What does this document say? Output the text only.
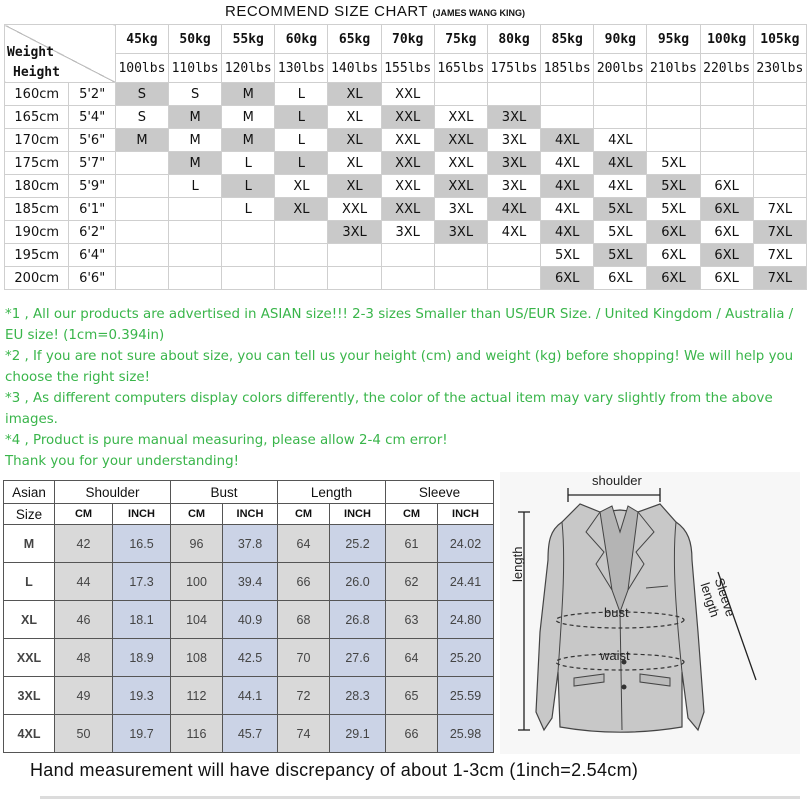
RECOMMEND SIZE CHART (JAMES WANG KING)
Weight
Height		45kg	50kg	55kg	60kg	65kg	70kg	75kg	80kg	85kg	90kg	95kg	100kg	105kg
		100lbs	110lbs	120lbs	130lbs	140lbs	155lbs	165lbs	175lbs	185lbs	200lbs	210lbs	220lbs	230lbs
160cm	5'2"	S	S	M	L	XL	XXL							
165cm	5'4"	S	M	M	L	XL	XXL	XXL	3XL					
170cm	5'6"	M	M	M	L	XL	XXL	XXL	3XL	4XL	4XL			
175cm	5'7"		M	L	L	XL	XXL	XXL	3XL	4XL	4XL	5XL		
180cm	5'9"		L	L	XL	XL	XXL	XXL	3XL	4XL	4XL	5XL	6XL	
185cm	6'1"			L	XL	XXL	XXL	3XL	4XL	4XL	5XL	5XL	6XL	7XL
190cm	6'2"					3XL	3XL	3XL	4XL	4XL	5XL	6XL	6XL	7XL
195cm	6'4"									5XL	5XL	6XL	6XL	7XL
200cm	6'6"									6XL	6XL	6XL	6XL	7XL

*1 , All our products are advertised in ASIAN size!!! 2-3 sizes Smaller than US/EUR Size. / United Kingdom / Australia / EU size! (1cm=0.394in)

*2 , If you are not sure about size, you can tell us your height (cm) and weight (kg) before shopping! We will help you choose the right size!

*3 , As different computers display colors differently, the color of the actual item may vary slightly from the above images.

*4 , Product is pure manual measuring, please allow 2-4 cm error!

Thank you for your understanding!

Asian	Shoulder		Bust		Length		Sleeve	
Size	CM	INCH	CM	INCH	CM	INCH	CM	INCH
M	42	16.5	96	37.8	64	25.2	61	24.02
L	44	17.3	100	39.4	66	26.0	62	24.41
XL	46	18.1	104	40.9	68	26.8	63	24.80
XXL	48	18.9	108	42.5	70	27.6	64	25.20
3XL	49	19.3	112	44.1	72	28.3	65	25.59
4XL	50	19.7	116	45.7	74	29.1	66	25.98
shoulder
length
bust
waist
Sleeve length
Hand measurement will have discrepancy of about 1-3cm (1inch=2.54cm)
